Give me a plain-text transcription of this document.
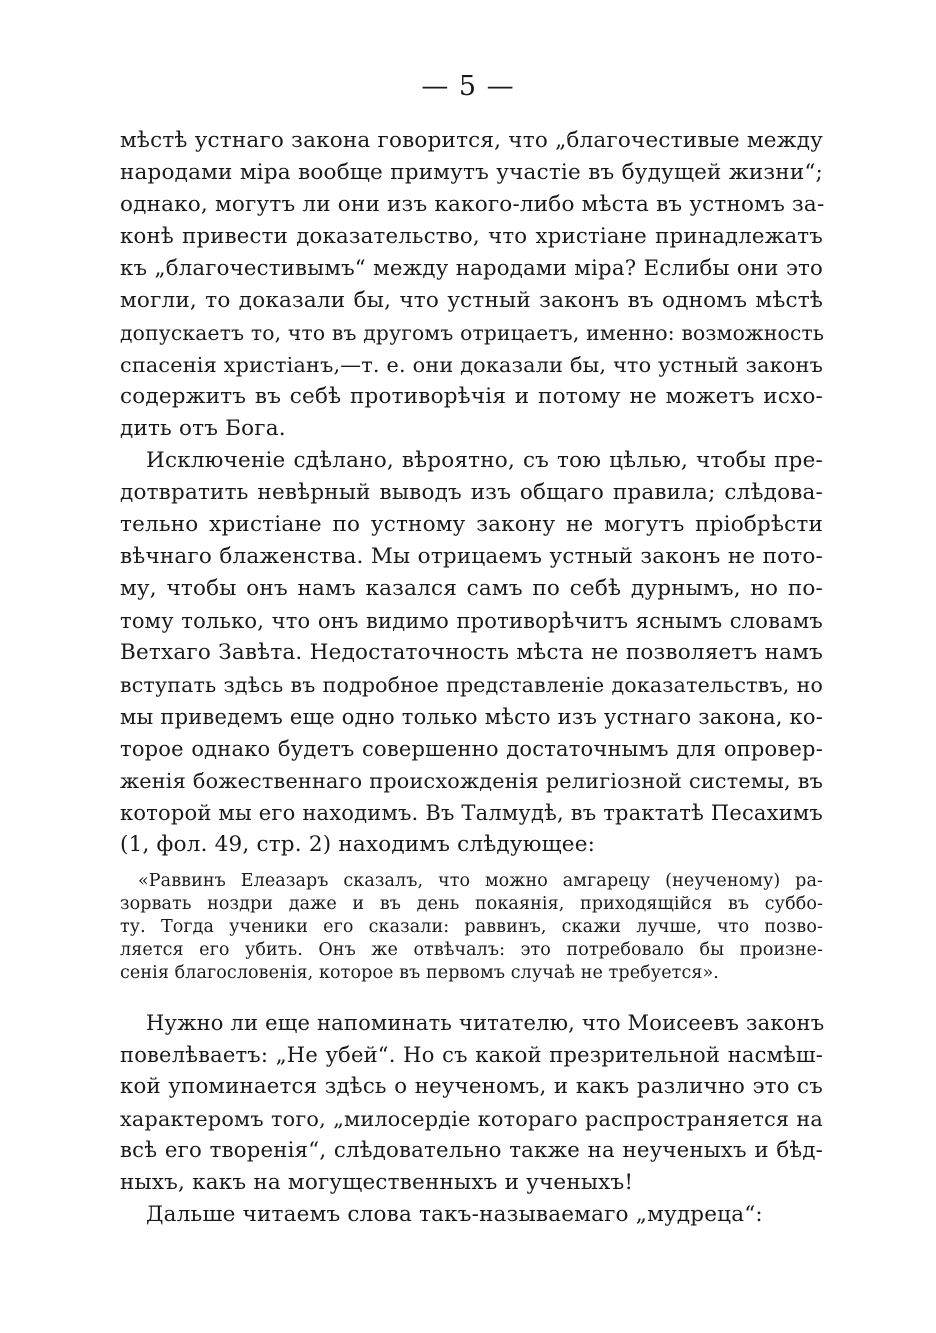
— 5 —
мѣстѣ устнаго закона говорится, что „благочестивые между
народами міра вообще примутъ участіе въ будущей жизни“;
однако, могутъ ли они изъ какого-либо мѣста въ устномъ за-
конѣ привести доказательство, что христіане принадлежатъ
къ „благочестивымъ“ между народами міра? Еслибы они это
могли, то доказали бы, что устный законъ въ одномъ мѣстѣ
допускаетъ то, что въ другомъ отрицаетъ, именно: возможность
спасенія христіанъ,—т. е. они доказали бы, что устный законъ
содержитъ въ себѣ противорѣчія и потому не можетъ исхо-
дить отъ Бога.
Исключеніе сдѣлано, вѣроятно, съ тою цѣлью, чтобы пре-
дотвратить невѣрный выводъ изъ общаго правила; слѣдова-
тельно христіане по устному закону не могутъ пріобрѣсти
вѣчнаго блаженства. Мы отрицаемъ устный законъ не пото-
му, чтобы онъ намъ казался самъ по себѣ дурнымъ, но по-
тому только, что онъ видимо противорѣчитъ яснымъ словамъ
Ветхаго Завѣта. Недостаточность мѣста не позволяетъ намъ
вступать здѣсь въ подробное представленіе доказательствъ, но
мы приведемъ еще одно только мѣсто изъ устнаго закона, ко-
торое однако будетъ совершенно достаточнымъ для опровер-
женія божественнаго происхожденія религіозной системы, въ
которой мы его находимъ. Въ Талмудѣ, въ трактатѣ Песахимъ
(1, фол. 49, стр. 2) находимъ слѣдующее:
«Раввинъ Елеазаръ сказалъ, что можно амгарецу (неученому) ра-
зорвать ноздри даже и въ день покаянія, приходящійся въ суббо-
ту. Тогда ученики его сказали: раввинъ, скажи лучше, что позво-
ляется его убить. Онъ же отвѣчалъ: это потребовало бы произне-
сенія благословенія, которое въ первомъ случаѣ не требуется».
Нужно ли еще напоминать читателю, что Моисеевъ законъ
повелѣваетъ: „Не убей“. Но съ какой презрительной насмѣш-
кой упоминается здѣсь о неученомъ, и какъ различно это съ
характеромъ того, „милосердіе котораго распространяется на
всѣ его творенія“, слѣдовательно также на неученыхъ и бѣд-
ныхъ, какъ на могущественныхъ и ученыхъ!
Дальше читаемъ слова такъ-называемаго „мудреца“:
